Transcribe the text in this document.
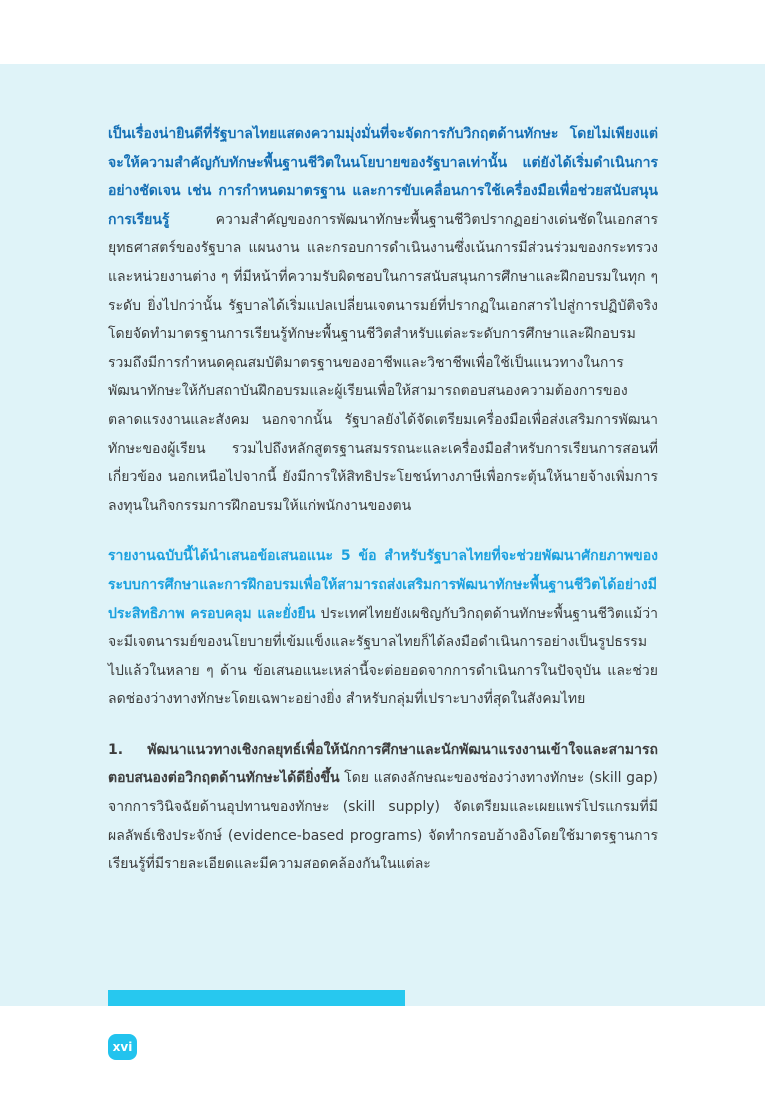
เป็นเรื่องน่ายินดีที่รัฐบาลไทยแสดงความมุ่งมั่นที่จะจัดการกับวิกฤตด้านทักษะ โดยไม่เพียงแต่จะให้ความสำคัญกับทักษะพื้นฐานชีวิตในนโยบายของรัฐบาลเท่านั้น แต่ยังได้เริ่มดำเนินการอย่างชัดเจน เช่น การกำหนดมาตรฐาน และการขับเคลื่อนการใช้เครื่องมือเพื่อช่วยสนับสนุนการเรียนรู้ ความสำคัญของการพัฒนาทักษะพื้นฐานชีวิตปรากฏอย่างเด่นชัดในเอกสารยุทธศาสตร์ของรัฐบาล แผนงาน และกรอบการดำเนินงานซึ่งเน้นการมีส่วนร่วมของกระทรวงและหน่วยงานต่าง ๆ ที่มีหน้าที่ความรับผิดชอบในการสนับสนุนการศึกษาและฝึกอบรมในทุก ๆ ระดับ ยิ่งไปกว่านั้น รัฐบาลได้เริ่มแปลเปลี่ยนเจตนารมย์ที่ปรากฏในเอกสารไปสู่การปฏิบัติจริง โดยจัดทำมาตรฐานการเรียนรู้ทักษะพื้นฐานชีวิตสำหรับแต่ละระดับการศึกษาและฝึกอบรม รวมถึงมีการกำหนดคุณสมบัติมาตรฐานของอาชีพและวิชาชีพเพื่อใช้เป็นแนวทางในการพัฒนาทักษะให้กับสถาบันฝึกอบรมและผู้เรียนเพื่อให้สามารถตอบสนองความต้องการของตลาดแรงงานและสังคม นอกจากนั้น รัฐบาลยังได้จัดเตรียมเครื่องมือเพื่อส่งเสริมการพัฒนาทักษะของผู้เรียน รวมไปถึงหลักสูตรฐานสมรรถนะและเครื่องมือสำหรับการเรียนการสอนที่เกี่ยวข้อง นอกเหนือไปจากนี้ ยังมีการให้สิทธิประโยชน์ทางภาษีเพื่อกระตุ้นให้นายจ้างเพิ่มการลงทุนในกิจกรรมการฝึกอบรมให้แก่พนักงานของตน

รายงานฉบับนี้ได้นำเสนอข้อเสนอแนะ 5 ข้อ สำหรับรัฐบาลไทยที่จะช่วยพัฒนาศักยภาพของระบบการศึกษาและการฝึกอบรมเพื่อให้สามารถส่งเสริมการพัฒนาทักษะพื้นฐานชีวิตได้อย่างมีประสิทธิภาพ ครอบคลุม และยั่งยืน ประเทศไทยยังเผชิญกับวิกฤตด้านทักษะพื้นฐานชีวิตแม้ว่าจะมีเจตนารมย์ของนโยบายที่เข้มแข็งและรัฐบาลไทยก็ได้ลงมือดำเนินการอย่างเป็นรูปธรรมไปแล้วในหลาย ๆ ด้าน ข้อเสนอแนะเหล่านี้จะต่อยอดจากการดำเนินการในปัจจุบัน และช่วยลดช่องว่างทางทักษะโดยเฉพาะอย่างยิ่ง สำหรับกลุ่มที่เปราะบางที่สุดในสังคมไทย

1. พัฒนาแนวทางเชิงกลยุทธ์เพื่อให้นักการศึกษาและนักพัฒนาแรงงานเข้าใจและสามารถตอบสนองต่อวิกฤตด้านทักษะได้ดียิ่งขึ้น โดย แสดงลักษณะของช่องว่างทางทักษะ (skill gap) จากการวินิจฉัยด้านอุปทานของทักษะ (skill supply) จัดเตรียมและเผยแพร่โปรแกรมที่มีผลลัพธ์เชิงประจักษ์ (evidence-based programs) จัดทำกรอบอ้างอิงโดยใช้มาตรฐานการเรียนรู้ที่มีรายละเอียดและมีความสอดคล้องกันในแต่ละ

xvi
